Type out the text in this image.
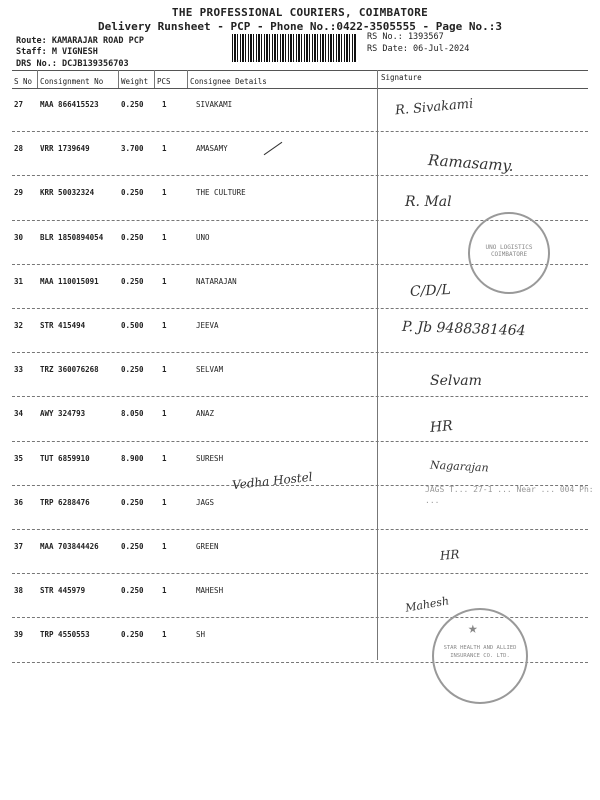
THE PROFESSIONAL COURIERS, COIMBATORE
Delivery Runsheet - PCP - Phone No.:0422-3505555 - Page No.:3
Route: KAMARAJAR ROAD PCP
Staff: M VIGNESH
DRS No.: DCJB139356703
RS No.: 1393567
RS Date: 06-Jul-2024
S No Consignment No Weight PCS	Consignee Details	Signature
27 MAA 866415523	0.250 1	SIVAKAMI	R. Sivakami
28 VRR 1739649	3.700 1	AMASAMY
Ramasamy.
29 KRR 50032324	0.250 1	THE CULTURE
R. Mal
30 BLR 1850894054 0.250 1	UNO
31 MAA 110015091	0.250 1	NATARAJAN
C/D/L
32 STR 415494	0.500 1	JEEVA	P. Jb 9488381464
33 TRZ 360076268	0.250 1	SELVAM
Selvam
34 AWY 324793	8.050 1	ANAZ
HR
35 TUT 6859910	8.900 1	SURESH	Nagarajan
36 TRP 6288476	0.250 1	JAGS
37 MAA 703844426	0.250 1	GREEN
HR
38 STR 445979	0.250 1	MAHESH
Mahesh
39 TRP 4550553	0.250 1	SH
Vedha Hostel
UNO LOGISTICS COIMBATORE
JAGS T... 27-1 ... Near ... 004 Ph: ...
STAR HEALTH AND ALLIED INSURANCE CO. LTD.
★
